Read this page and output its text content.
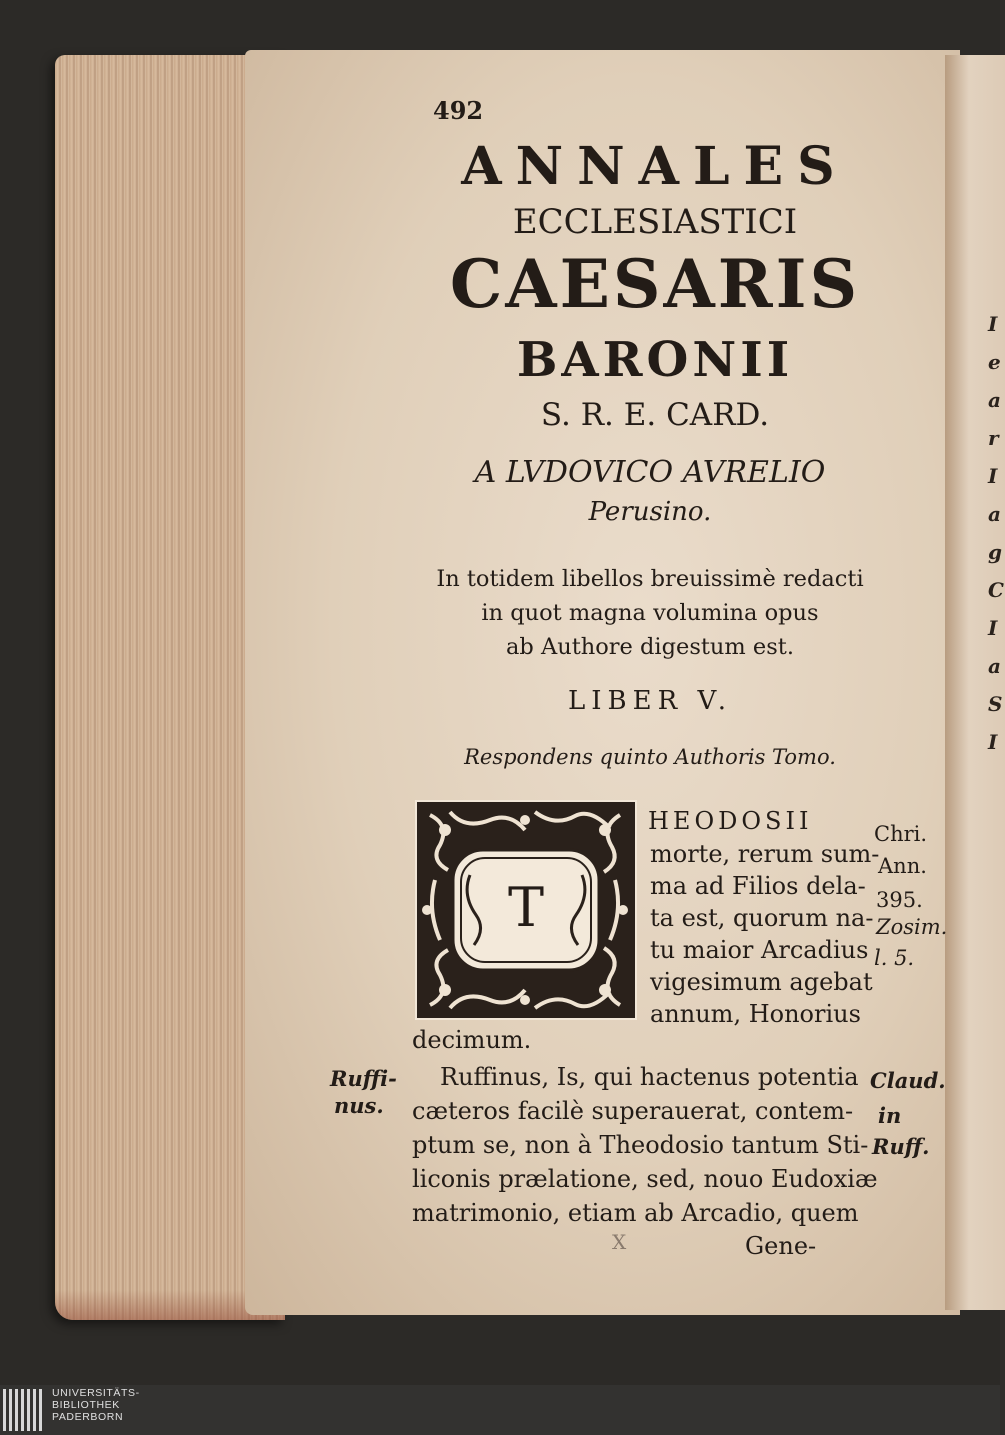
I
e
a
r
I
a
g
C
I
a
S
I
492
ANNALES
ECCLESIASTICI
CAESARIS
BARONII
S. R. E. CARD.
A LVDOVICO AVRELIO
Perusino.
In totidem libellos breuissimè redacti
in quot magna volumina opus
ab Authore digestum est.
LIBER V.
Respondens quinto Authoris Tomo.
T
HEODOSII
morte, rerum sum-
ma ad Filios dela-
ta est, quorum na-
tu maior Arcadius
vigesimum agebat
annum, Honorius
decimum.
Ruffinus, Is, qui hactenus potentia
cæteros facilè superauerat, contem-
ptum se, non à Theodosio tantum Sti-
liconis prælatione, sed, nouo Eudoxiæ
matrimonio, etiam ab Arcadio, quem
X	Gene-
Chri.
Ann.
395.
Zosim.
l. 5.
Claud.
in
Ruff.
Ruffi-
nus.
UNIVERSITÄTS-
BIBLIOTHEK
PADERBORN
